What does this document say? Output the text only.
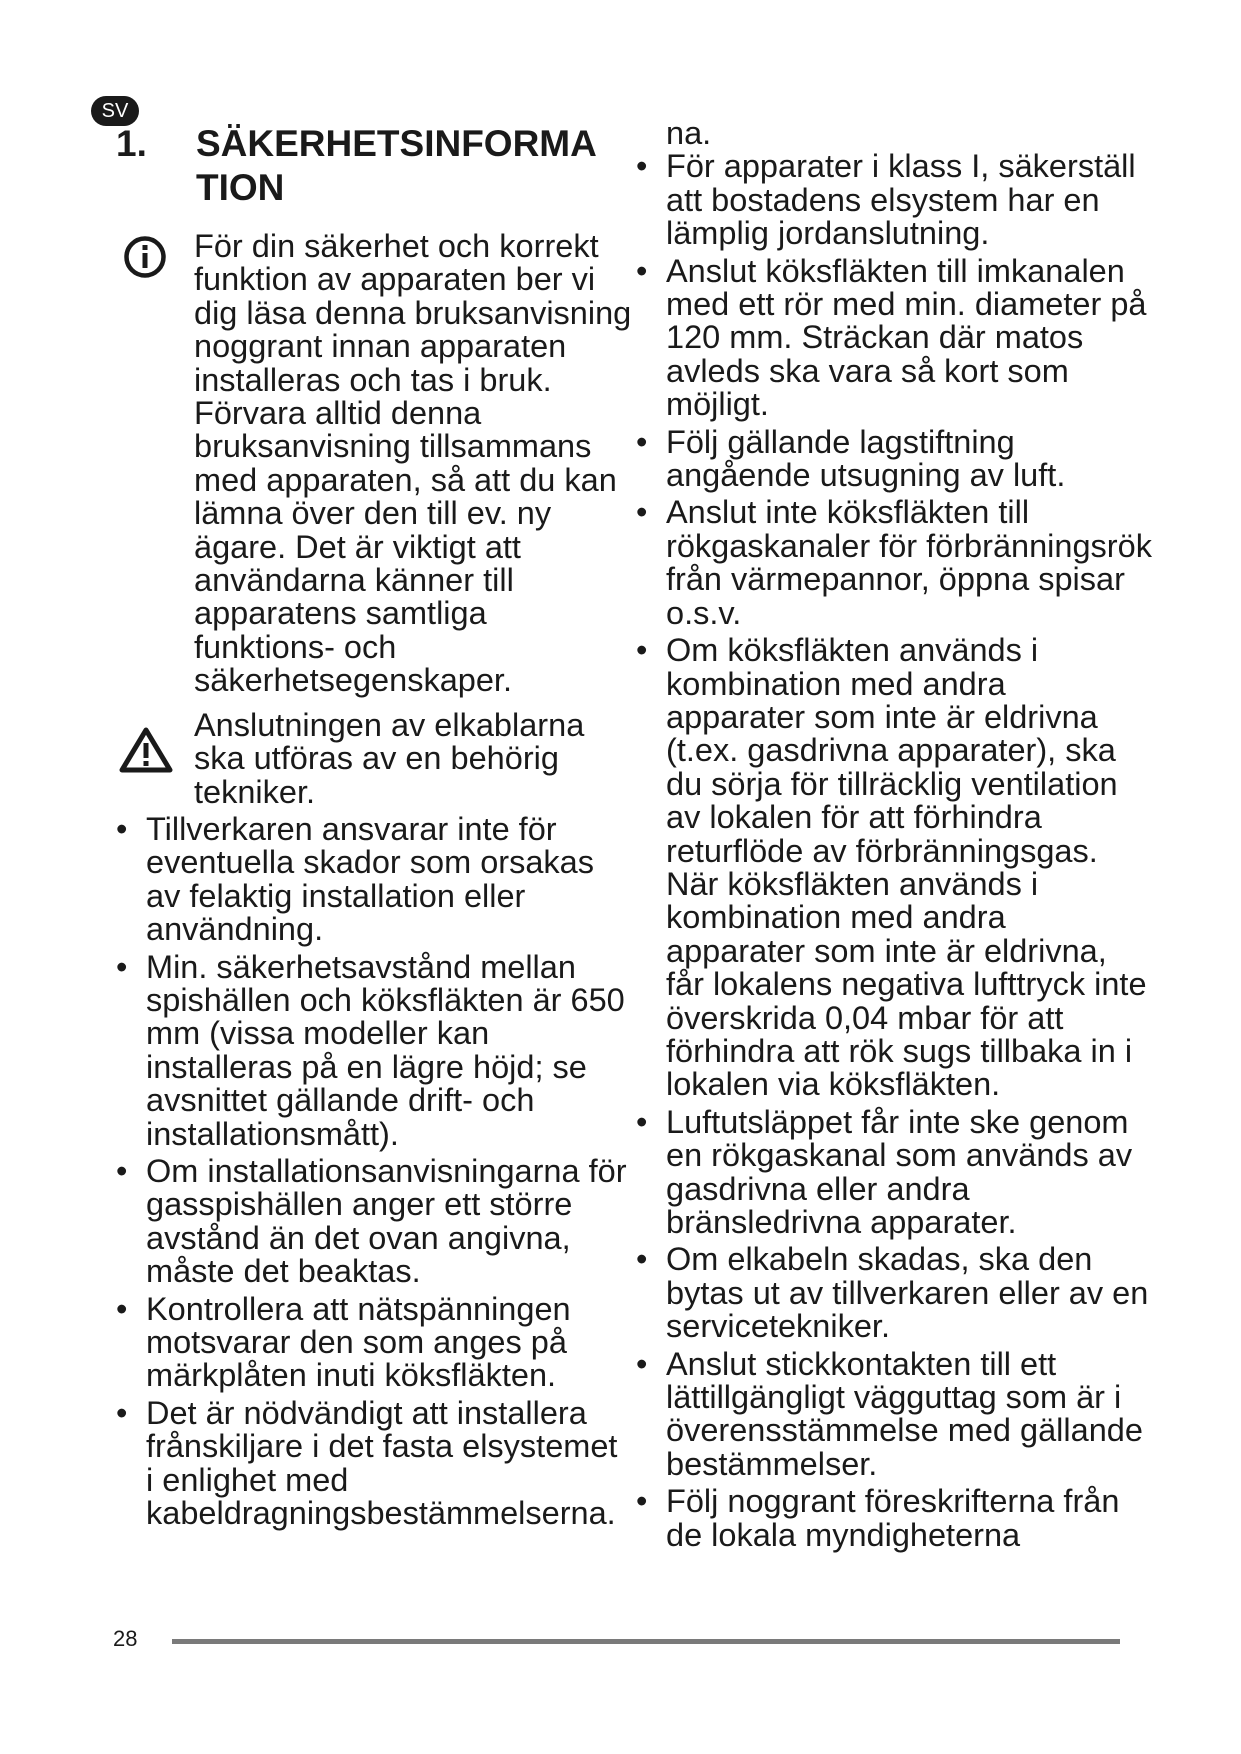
SV
1. SÄKERHETSINFORMA
TION

För din säkerhet och korrekt funktion av apparaten ber vi dig läsa denna bruksanvisning noggrant innan apparaten installeras och tas i bruk. Förvara alltid denna bruksanvisning tillsammans med apparaten, så att du kan lämna över den till ev. ny ägare. Det är viktigt att användarna känner till apparatens samtliga funktions- och säkerhetsegenskaper.

Anslutningen av elkablarna ska utföras av en behörig tekniker.

• Tillverkaren ansvarar inte för eventuella skador som orsakas av felaktig installation eller användning.
• Min. säkerhetsavstånd mellan spishällen och köksfläkten är 650 mm (vissa modeller kan installeras på en lägre höjd; se avsnittet gällande drift- och installationsmått).
• Om installationsanvisningarna för gasspishällen anger ett större avstånd än det ovan angivna, måste det beaktas.
• Kontrollera att nätspänningen motsvarar den som anges på märkplåten inuti köksfläkten.
• Det är nödvändigt att installera frånskiljare i det fasta elsystemet i enlighet med kabeldragningsbestämmelserna.
na.
• För apparater i klass I, säkerställ att bostadens elsystem har en lämplig jordanslutning.
• Anslut köksfläkten till imkanalen med ett rör med min. diameter på 120 mm. Sträckan där matos avleds ska vara så kort som möjligt.
• Följ gällande lagstiftning angående utsugning av luft.
• Anslut inte köksfläkten till rökgaskanaler för förbränningsrök från värmepannor, öppna spisar o.s.v.
• Om köksfläkten används i kombination med andra apparater som inte är eldrivna (t.ex. gasdrivna apparater), ska du sörja för tillräcklig ventilation av lokalen för att förhindra returflöde av förbränningsgas. När köksfläkten används i kombination med andra apparater som inte är eldrivna, får lokalens negativa lufttryck inte överskrida 0,04 mbar för att förhindra att rök sugs tillbaka in i lokalen via köksfläkten.
• Luftutsläppet får inte ske genom en rökgaskanal som används av gasdrivna eller andra bränsledrivna apparater.
• Om elkabeln skadas, ska den bytas ut av tillverkaren eller av en servicetekniker.
• Anslut stickkontakten till ett lättillgängligt vägguttag som är i överensstämmelse med gällande bestämmelser.
• Följ noggrant föreskrifterna från de lokala myndigheterna
28
